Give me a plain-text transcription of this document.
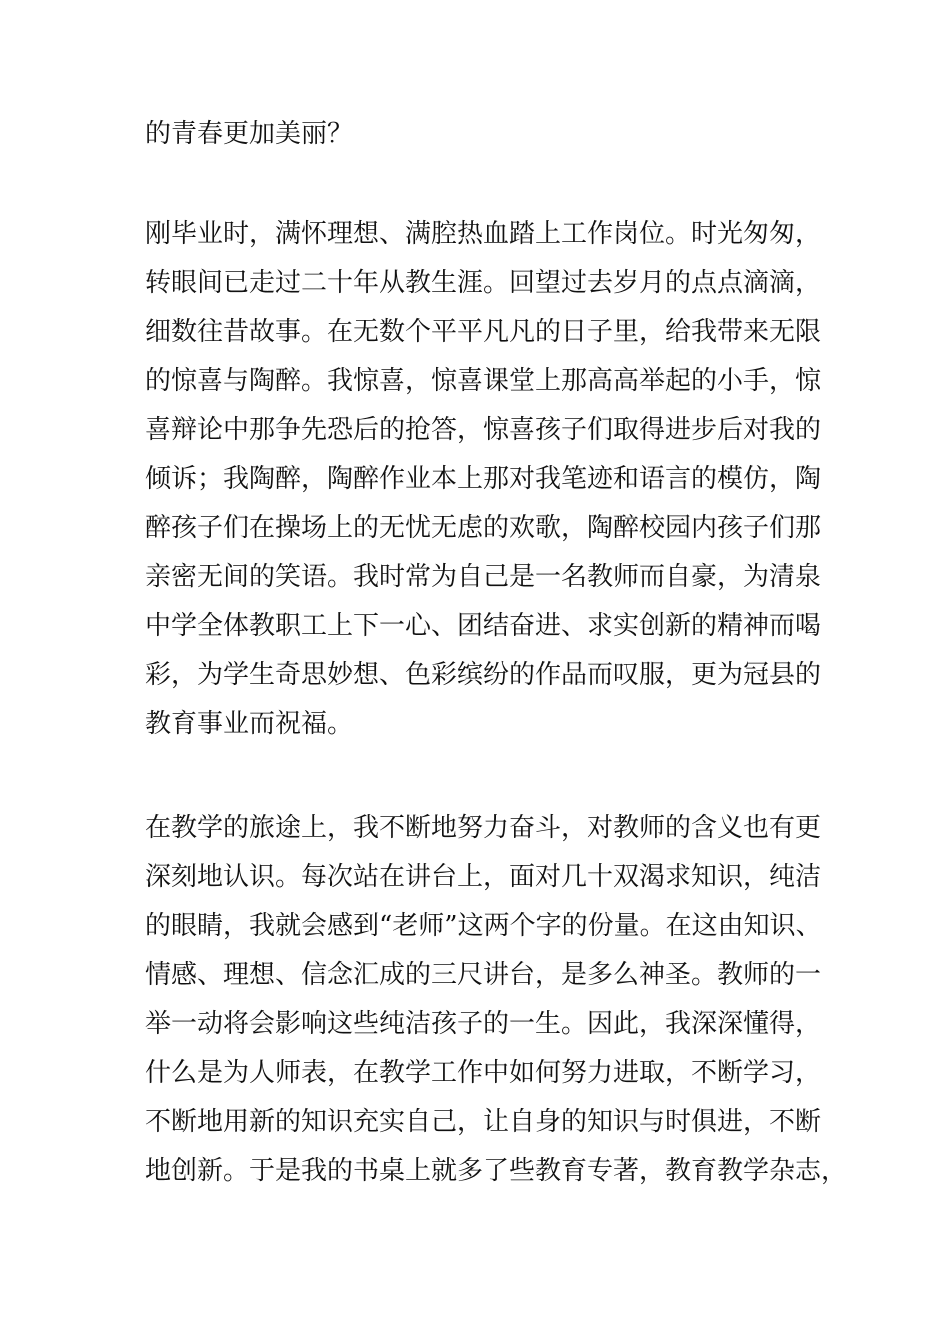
的青春更加美丽？
刚毕业时，满怀理想、满腔热血踏上工作岗位。时光匆匆，
转眼间已走过二十年从教生涯。回望过去岁月的点点滴滴，
细数往昔故事。在无数个平平凡凡的日子里，给我带来无限
的惊喜与陶醉。我惊喜，惊喜课堂上那高高举起的小手，惊
喜辩论中那争先恐后的抢答，惊喜孩子们取得进步后对我的
倾诉；我陶醉，陶醉作业本上那对我笔迹和语言的模仿，陶
醉孩子们在操场上的无忧无虑的欢歌，陶醉校园内孩子们那
亲密无间的笑语。我时常为自己是一名教师而自豪，为清泉
中学全体教职工上下一心、团结奋进、求实创新的精神而喝
彩，为学生奇思妙想、色彩缤纷的作品而叹服，更为冠县的
教育事业而祝福。
在教学的旅途上，我不断地努力奋斗，对教师的含义也有更
深刻地认识。每次站在讲台上，面对几十双渴求知识，纯洁
的眼睛，我就会感到“老师”这两个字的份量。在这由知识、
情感、理想、信念汇成的三尺讲台，是多么神圣。教师的一
举一动将会影响这些纯洁孩子的一生。因此，我深深懂得，
什么是为人师表，在教学工作中如何努力进取，不断学习，
不断地用新的知识充实自己，让自身的知识与时俱进，不断
地创新。于是我的书桌上就多了些教育专著，教育教学杂志，
